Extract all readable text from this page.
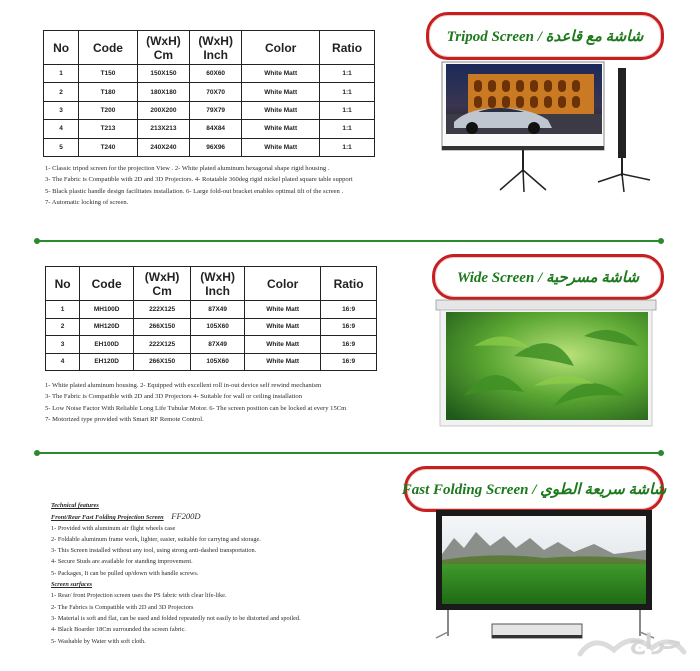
No	Code	(WxH) Cm	(WxH) Inch	Color	Ratio
1	T150	150X150	60X60	White Matt	1:1
2	T180	180X180	70X70	White Matt	1:1
3	T200	200X200	79X79	White Matt	1:1
4	T213	213X213	84X84	White Matt	1:1
5	T240	240X240	96X96	White Matt	1:1
Tripod Screen / شاشة مع قاعدة
1- Classic tripod screen for the projection View . 2- White plated aluminum hexagonal shape rigid housing .
3- The Fabric is Compatible with 2D and 3D Projectors. 4- Rotatable 360deg rigid nickel plated square table support
5- Black plastic handle design facilitates installation. 6- Large fold-out bracket enables optimal tilt of the screen .
7- Automatic locking of screen.
No	Code	(WxH) Cm	(WxH) Inch	Color	Ratio
1	MH100D	222X125	87X49	White Matt	16:9
2	MH120D	266X150	105X60	White Matt	16:9
3	EH100D	222X125	87X49	White Matt	16:9
4	EH120D	266X150	105X60	White Matt	16:9
Wide Screen / شاشة مسرحية
1- White plated aluminum housing. 2- Equipped with excellent roll in-out device self rewind mechanism
3- The Fabric is Compatible with 2D and 3D Projectors 4- Suitable for wall or ceiling installation
5- Low Noise Factor With Reliable Long Life Tubular Motor. 6- The screen position can be locked at every 15Cm
7- Motorized type provided with Smart RF Remote Control.
Fast Folding Screen / شاشة سريعة الطوي
Technical features
Front/Rear Fast Folding Projection Screen FF200D
1- Provided with aluminum air flight wheels case
2- Foldable aluminum frame work, lighter, easier, suitable for carrying and storage.
3- This Screen installed without any tool, using strong anti-dashed transportation.
4- Secure Studs are available for standing improvement.
5- Packages, It can be pulled up/down with handle screws.
Screen surfaces
1- Rear/ front Projection screen uses the PS fabric with clear life-like.
2- The Fabrics is Compatible with 2D and 3D Projectors
3- Material is soft and flat, can be used and folded repeatedly not easily to be distorted and spoiled.
4- Black Boarder 18Cm surrounded the screen fabric.
5- Washable by Water with soft cloth.	حراج
